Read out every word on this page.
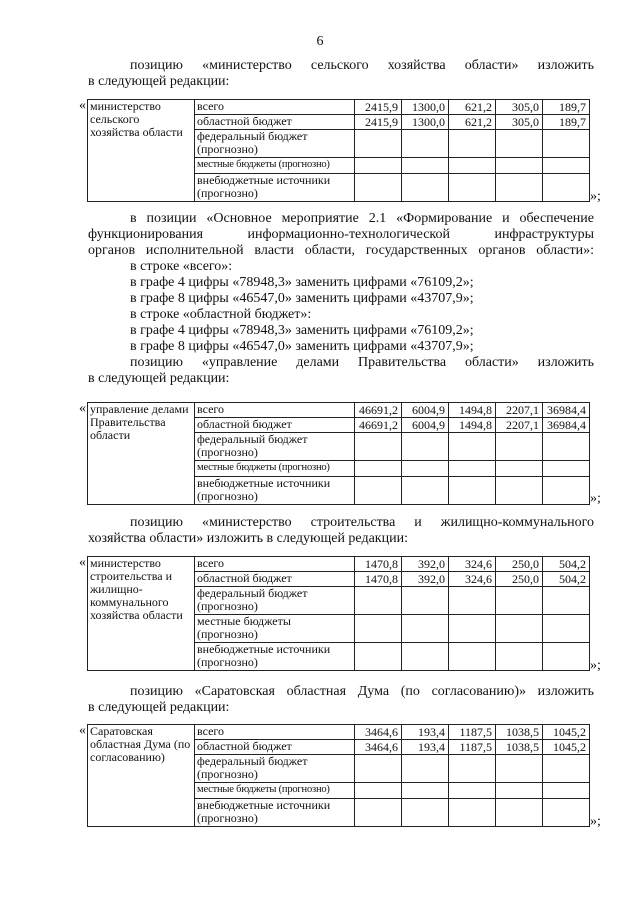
6
позицию «министерство сельского хозяйства области» изложить
в следующей редакции:
« министерство сельского хозяйства области	всего	2415,9	1300,0	621,2	305,0	189,7
	областной бюджет	2415,9	1300,0	621,2	305,0	189,7
	федеральный бюджет (прогнозно)					
	местные бюджеты (прогнозно)					
	внебюджетные источники (прогнозно)						»;
в позиции «Основное мероприятие 2.1 «Формирование и обеспечение
функционирования информационно-технологической инфраструктуры
органов исполнительной власти области, государственных органов области»:
в строке «всего»:
в графе 4 цифры «78948,3» заменить цифрами «76109,2»;
в графе 8 цифры «46547,0» заменить цифрами «43707,9»;
в строке «областной бюджет»:
в графе 4 цифры «78948,3» заменить цифрами «76109,2»;
в графе 8 цифры «46547,0» заменить цифрами «43707,9»;
позицию «управление делами Правительства области» изложить
в следующей редакции:
« управление делами Правительства области	всего	46691,2	6004,9	1494,8	2207,1	36984,4
	областной бюджет	46691,2	6004,9	1494,8	2207,1	36984,4
	федеральный бюджет (прогнозно)					
	местные бюджеты (прогнозно)					
	внебюджетные источники (прогнозно)						»;
позицию «министерство строительства и жилищно-коммунального
хозяйства области» изложить в следующей редакции:
« министерство строительства и жилищно-коммунального хозяйства области	всего	1470,8	392,0	324,6	250,0	504,2
	областной бюджет	1470,8	392,0	324,6	250,0	504,2
	федеральный бюджет (прогнозно)					
	местные бюджеты (прогнозно)					
	внебюджетные источники (прогнозно)						»;
позицию «Саратовская областная Дума (по согласованию)» изложить
в следующей редакции:
« Саратовская областная Дума (по согласованию)	всего	3464,6	193,4	1187,5	1038,5	1045,2
	областной бюджет	3464,6	193,4	1187,5	1038,5	1045,2
	федеральный бюджет (прогнозно)					
	местные бюджеты (прогнозно)					
	внебюджетные источники (прогнозно)						»;
